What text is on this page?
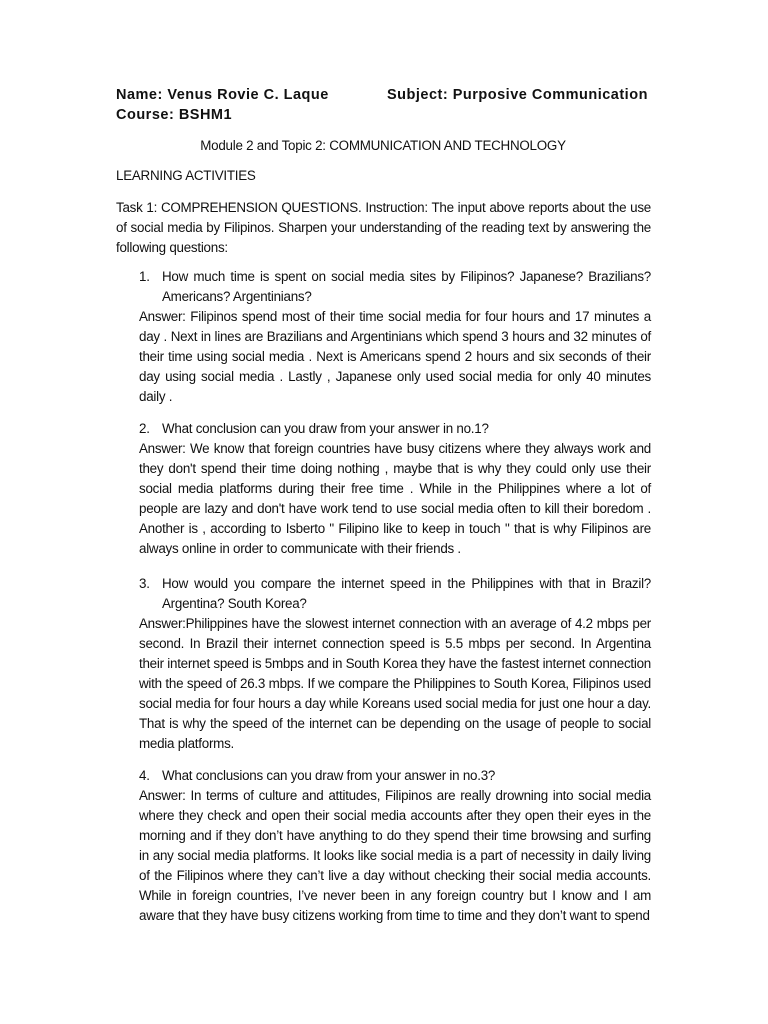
Name: Venus Rovie C. Laque	Subject: Purposive Communication
Course: BSHM1
Module 2 and Topic 2: COMMUNICATION AND TECHNOLOGY
LEARNING ACTIVITIES
Task 1: COMPREHENSION QUESTIONS. Instruction: The input above reports about the use of social media by Filipinos. Sharpen your understanding of the reading text by answering the following questions:
1. How much time is spent on social media sites by Filipinos? Japanese? Brazilians? Americans? Argentinians?
Answer: Filipinos spend most of their time social media for four hours and 17 minutes a day . Next in lines are Brazilians and Argentinians which spend 3 hours and 32 minutes of their time using social media . Next is Americans spend 2 hours and six seconds of their day using social media . Lastly , Japanese only used social media for only 40 minutes daily .
2. What conclusion can you draw from your answer in no.1?
Answer: We know that foreign countries have busy citizens where they always work and they don't spend their time doing nothing , maybe that is why they could only use their social media platforms during their free time . While in the Philippines where a lot of people are lazy and don't have work tend to use social media often to kill their boredom . Another is , according to Isberto " Filipino like to keep in touch " that is why Filipinos are always online in order to communicate with their friends .
3. How would you compare the internet speed in the Philippines with that in Brazil? Argentina? South Korea?
Answer:Philippines have the slowest internet connection with an average of 4.2 mbps per second. In Brazil their internet connection speed is 5.5 mbps per second. In Argentina their internet speed is 5mbps and in South Korea they have the fastest internet connection with the speed of 26.3 mbps. If we compare the Philippines to South Korea, Filipinos used social media for four hours a day while Koreans used social media for just one hour a day. That is why the speed of the internet can be depending on the usage of people to social media platforms.
4. What conclusions can you draw from your answer in no.3?
Answer: In terms of culture and attitudes, Filipinos are really drowning into social media where they check and open their social media accounts after they open their eyes in the morning and if they don’t have anything to do they spend their time browsing and surfing in any social media platforms. It looks like social media is a part of necessity in daily living of the Filipinos where they can’t live a day without checking their social media accounts. While in foreign countries, I’ve never been in any foreign country but I know and I am aware that they have busy citizens working from time to time and they don’t want to spend
